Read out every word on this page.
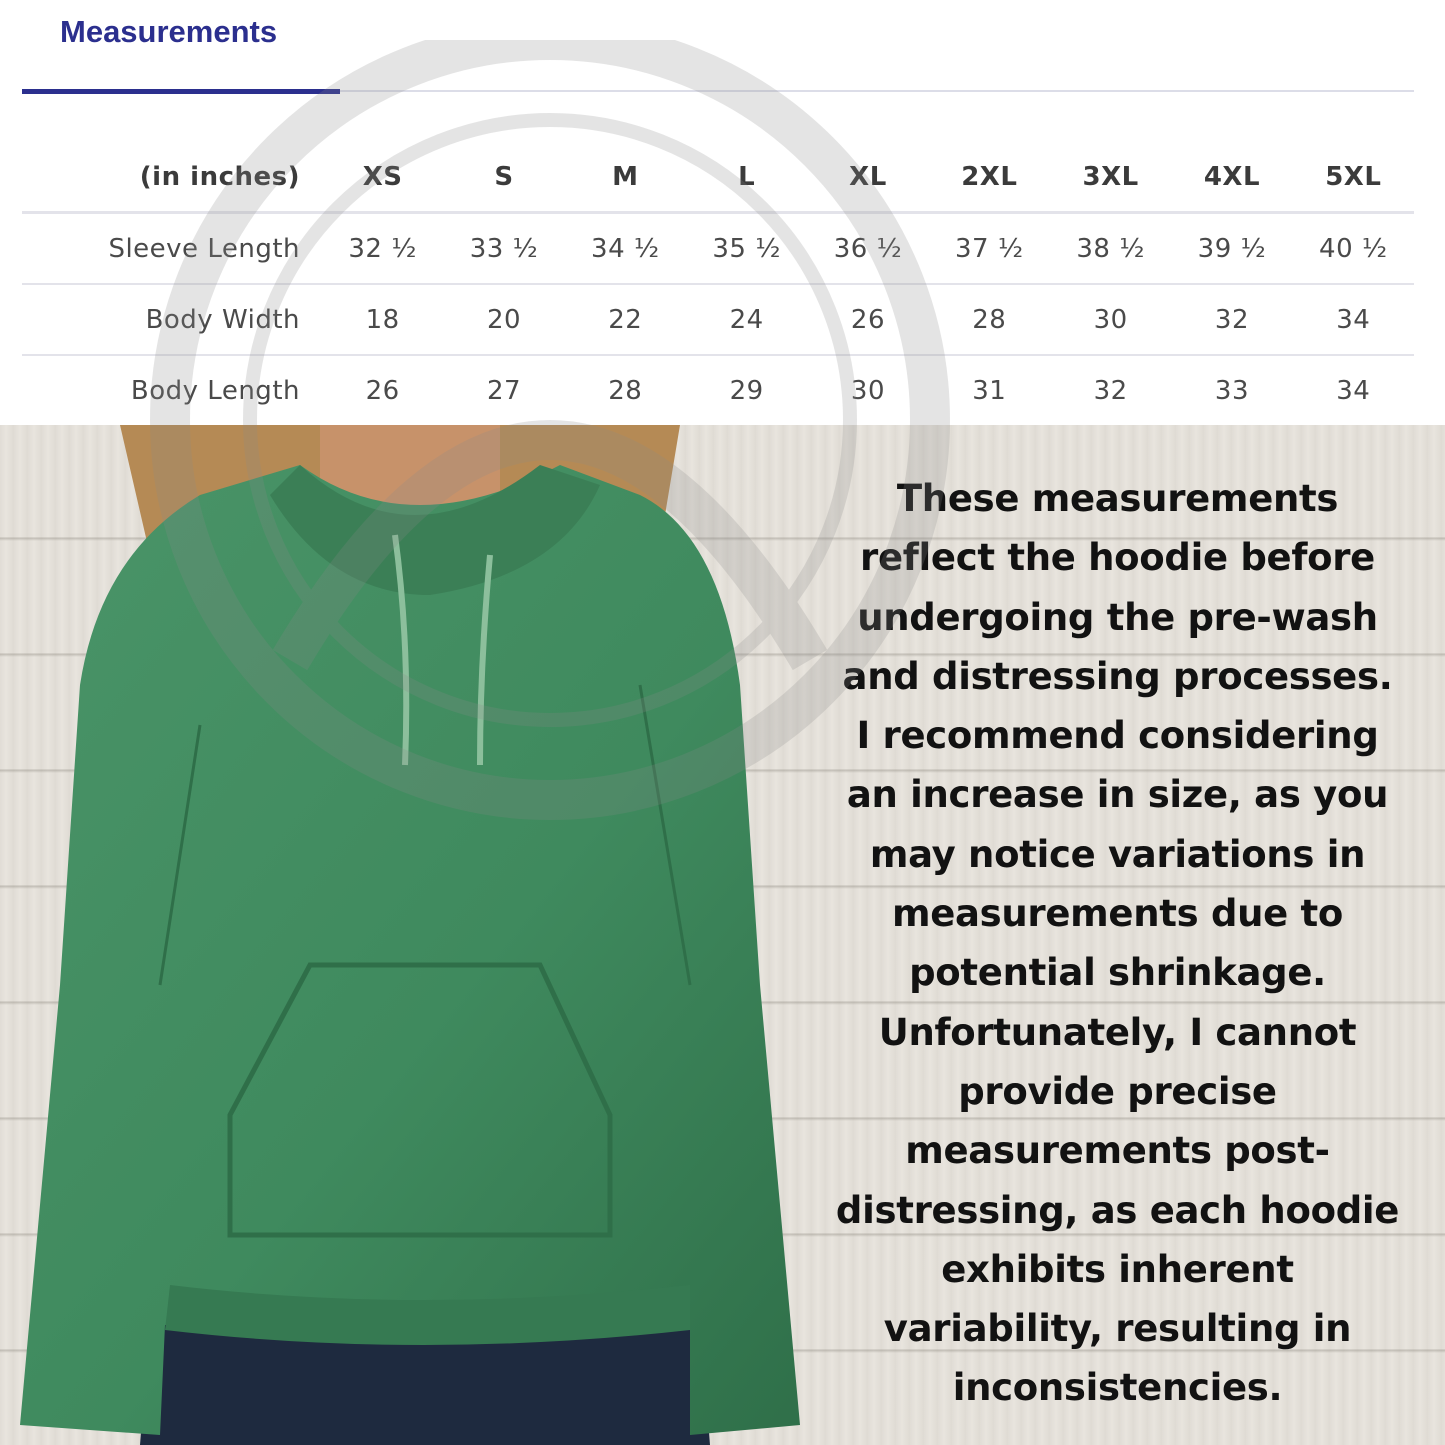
Measurements
(in inches)	XS	S	M	L	XL	2XL	3XL	4XL	5XL
Sleeve Length	32 ½	33 ½	34 ½	35 ½	36 ½	37 ½	38 ½	39 ½	40 ½
Body Width	18	20	22	24	26	28	30	32	34
Body Length	26	27	28	29	30	31	32	33	34
These measurements reflect the hoodie before undergoing the pre-wash and distressing processes. I recommend considering an increase in size, as you may notice variations in measurements due to potential shrinkage. Unfortunately, I cannot provide precise measurements post-distressing, as each hoodie exhibits inherent variability, resulting in inconsistencies.
